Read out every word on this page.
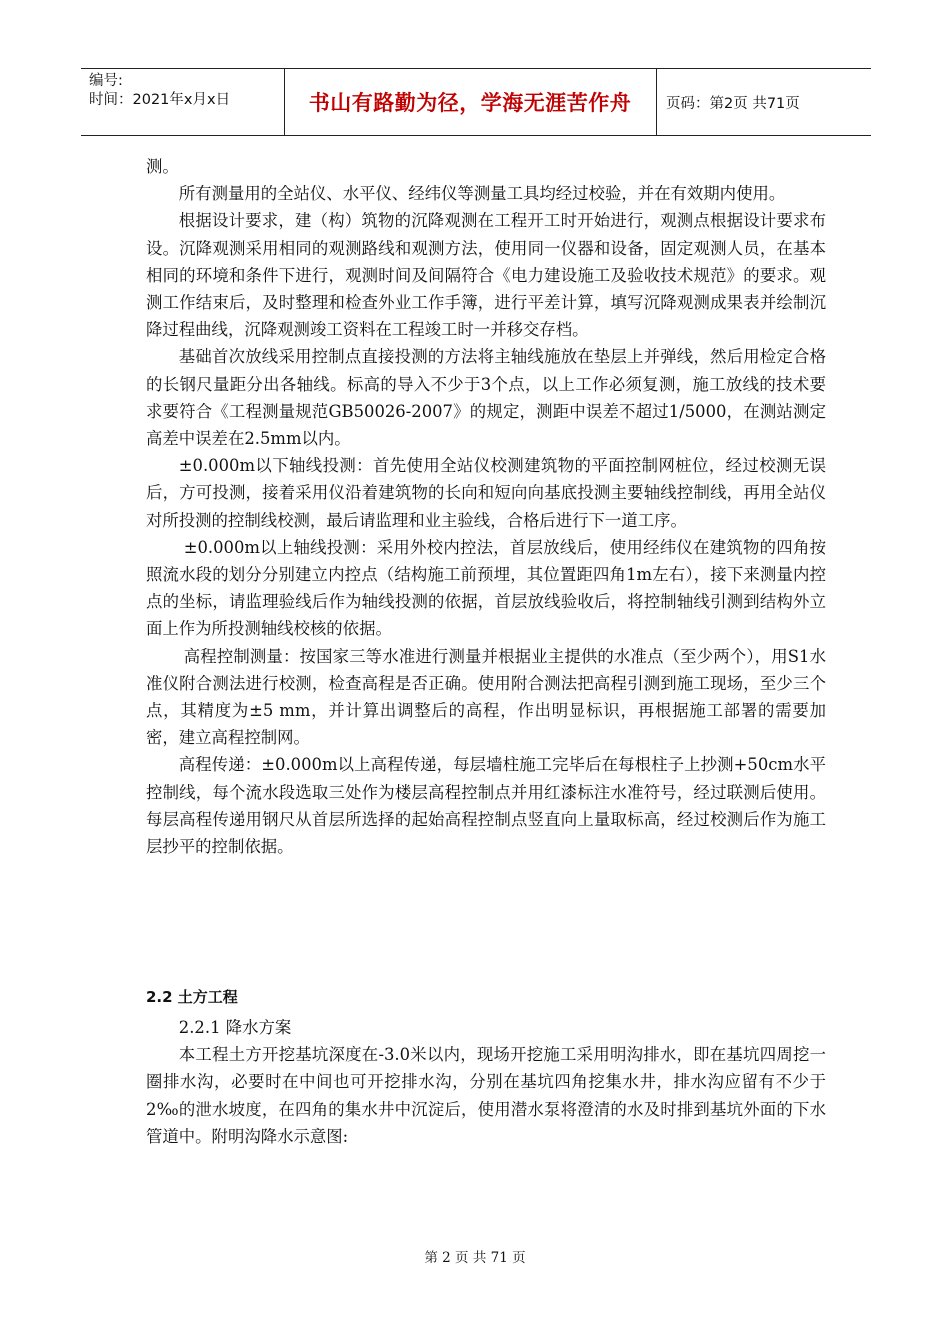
编号:
时间：2021年x月x日	书山有路勤为径，学海无涯苦作舟	页码：第2页 共71页

测。

所有测量用的全站仪、水平仪、经纬仪等测量工具均经过校验，并在有效期内使用。

根据设计要求，建（构）筑物的沉降观测在工程开工时开始进行，观测点根据设计要求布设。沉降观测采用相同的观测路线和观测方法，使用同一仪器和设备，固定观测人员，在基本相同的环境和条件下进行，观测时间及间隔符合《电力建设施工及验收技术规范》的要求。观测工作结束后，及时整理和检查外业工作手簿，进行平差计算，填写沉降观测成果表并绘制沉降过程曲线，沉降观测竣工资料在工程竣工时一并移交存档。

基础首次放线采用控制点直接投测的方法将主轴线施放在垫层上并弹线，然后用检定合格的长钢尺量距分出各轴线。标高的导入不少于3个点，以上工作必须复测，施工放线的技术要求要符合《工程测量规范GB50026-2007》的规定，测距中误差不超过1/5000，在测站测定高差中误差在2.5mm以内。

±0.000m以下轴线投测：首先使用全站仪校测建筑物的平面控制网桩位，经过校测无误后，方可投测，接着采用仪沿着建筑物的长向和短向向基底投测主要轴线控制线，再用全站仪对所投测的控制线校测，最后请监理和业主验线，合格后进行下一道工序。

±0.000m以上轴线投测：采用外校内控法，首层放线后，使用经纬仪在建筑物的四角按照流水段的划分分别建立内控点（结构施工前预埋，其位置距四角1m左右），接下来测量内控点的坐标，请监理验线后作为轴线投测的依据，首层放线验收后，将控制轴线引测到结构外立面上作为所投测轴线校核的依据。

高程控制测量：按国家三等水准进行测量并根据业主提供的水准点（至少两个），用S1水准仪附合测法进行校测，检查高程是否正确。使用附合测法把高程引测到施工现场，至少三个点，其精度为±5 mm，并计算出调整后的高程，作出明显标识，再根据施工部署的需要加密，建立高程控制网。

高程传递：±0.000m以上高程传递，每层墙柱施工完毕后在每根柱子上抄测+50cm水平控制线，每个流水段选取三处作为楼层高程控制点并用红漆标注水准符号，经过联测后使用。每层高程传递用钢尺从首层所选择的起始高程控制点竖直向上量取标高，经过校测后作为施工层抄平的控制依据。

2.2 土方工程

2.2.1 降水方案

本工程土方开挖基坑深度在-3.0米以内，现场开挖施工采用明沟排水，即在基坑四周挖一圈排水沟，必要时在中间也可开挖排水沟，分别在基坑四角挖集水井，排水沟应留有不少于2‰的泄水坡度，在四角的集水井中沉淀后，使用潜水泵将澄清的水及时排到基坑外面的下水管道中。附明沟降水示意图:

第 2 页 共 71 页
